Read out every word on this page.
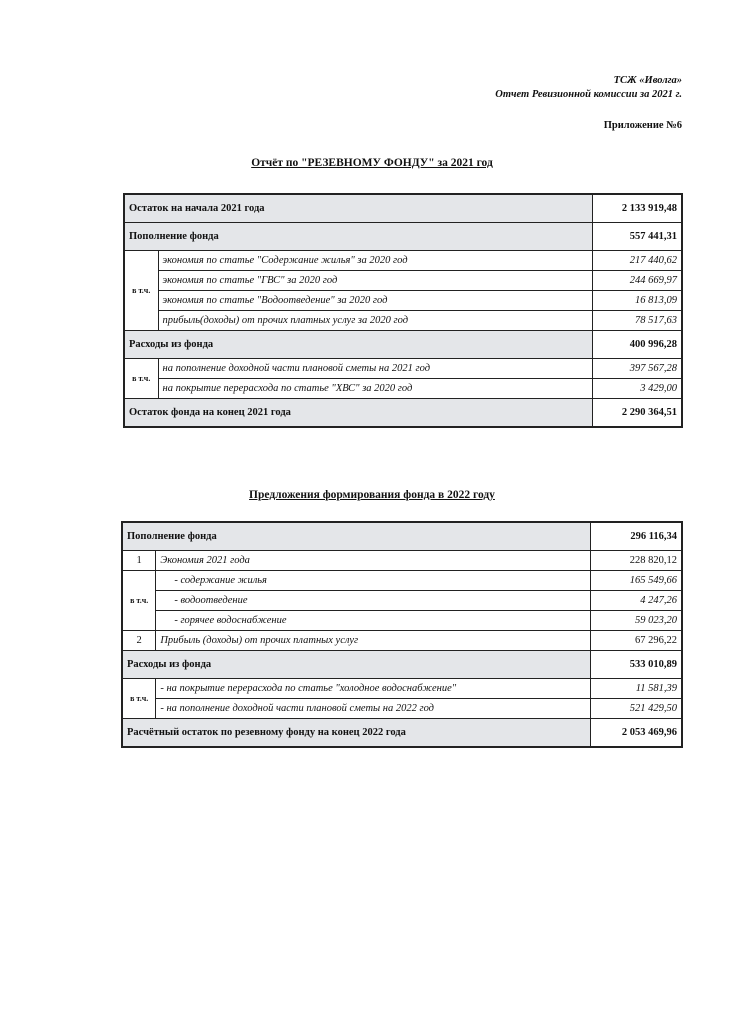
ТСЖ «Иволга»
Отчет Ревизионной комиссии за 2021 г.
Приложение №6
Отчёт по "РЕЗЕВНОМУ ФОНДУ" за 2021 год
Остаток на начала 2021 года		2 133 919,48
Пополнение фонда		557 441,31
в т.ч.	экономия по статье "Содержание жилья" за 2020 год	217 440,62
	экономия по статье "ГВС" за 2020 год	244 669,97
	экономия по статье "Водоотведение" за 2020 год	16 813,09
	прибыль(доходы) от прочих платных услуг за 2020 год	78 517,63
Расходы из фонда		400 996,28
в т.ч.	на пополнение доходной части плановой сметы на 2021 год	397 567,28
	на покрытие перерасхода по статье "ХВС" за 2020 год	3 429,00
Остаток фонда на конец 2021 года		2 290 364,51
Предложения формирования фонда в 2022 году
Пополнение фонда		296 116,34
1	Экономия 2021 года	228 820,12
в т.ч.	- содержание жилья	165 549,66
	- водоотведение	4 247,26
	- горячее водоснабжение	59 023,20
2	Прибыль (доходы) от прочих платных услуг	67 296,22
Расходы из фонда		533 010,89
в т.ч.	- на покрытие перерасхода по статье "холодное водоснабжение"	11 581,39
	- на пополнение доходной части плановой сметы на 2022 год	521 429,50
Расчётный остаток по резевному фонду на конец 2022 года		2 053 469,96
